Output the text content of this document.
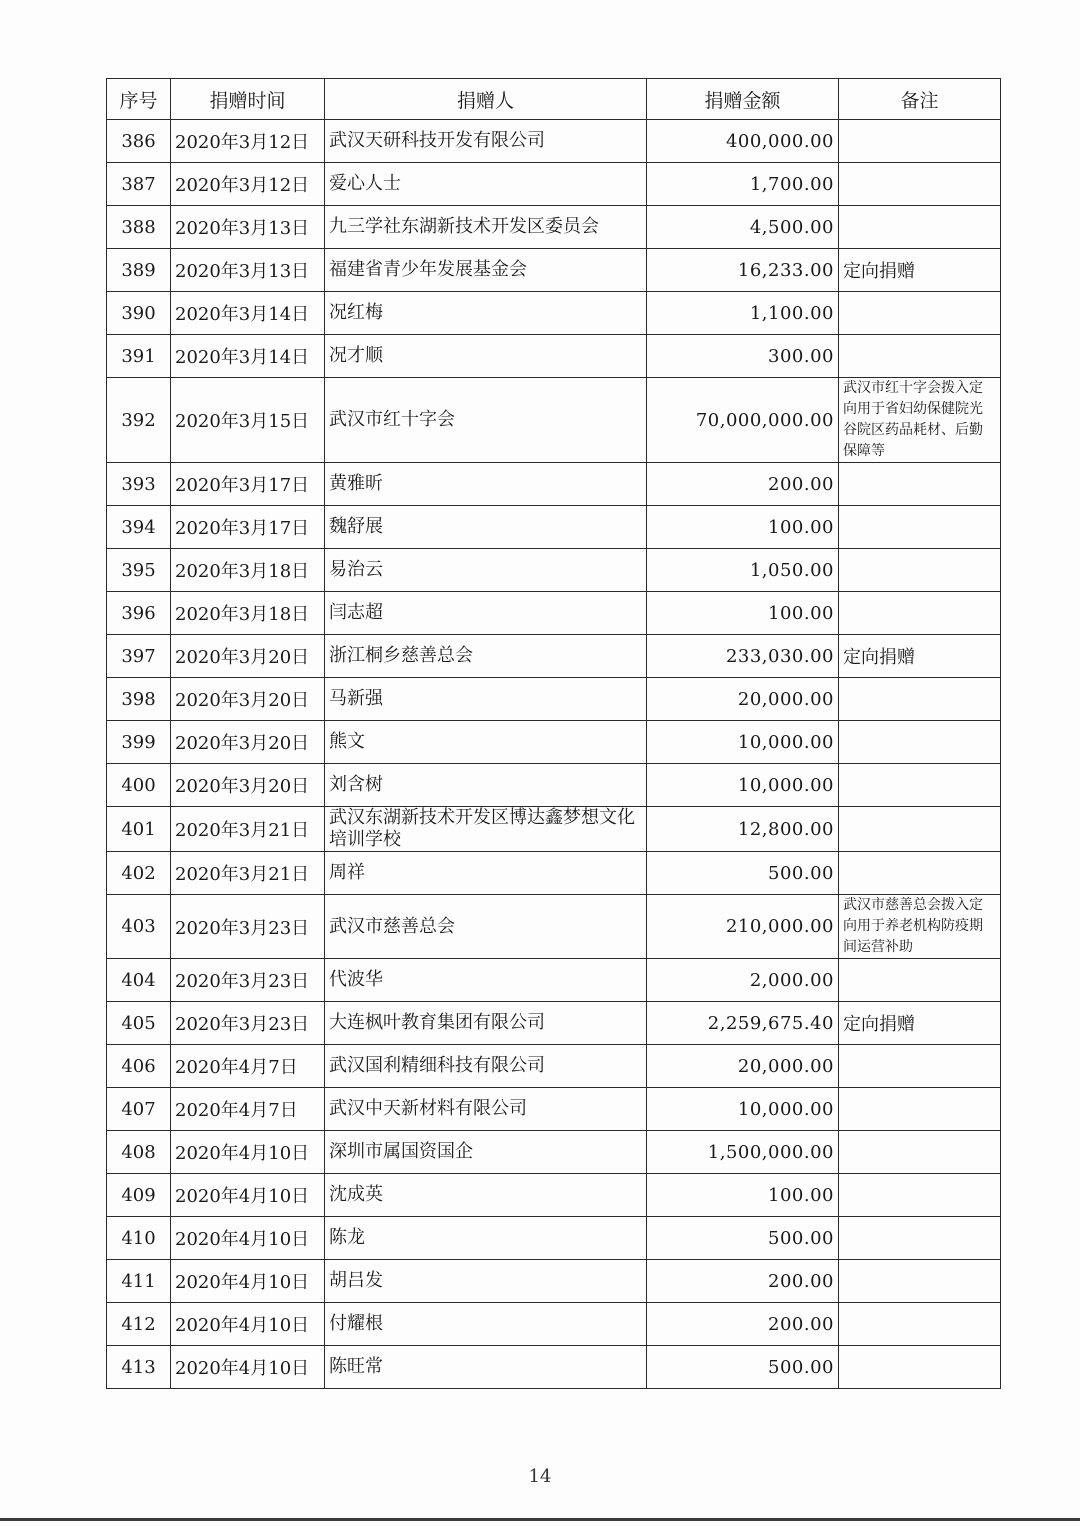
序号	捐赠时间	捐赠人	捐赠金额	备注
386	2020年3月12日	武汉天研科技开发有限公司	400,000.00	
387	2020年3月12日	爱心人士	1,700.00	
388	2020年3月13日	九三学社东湖新技术开发区委员会	4,500.00	
389	2020年3月13日	福建省青少年发展基金会	16,233.00	定向捐赠
390	2020年3月14日	况红梅	1,100.00	
391	2020年3月14日	况才顺	300.00	
392	2020年3月15日	武汉市红十字会	70,000,000.00	武汉市红十字会拨入定向用于省妇幼保健院光谷院区药品耗材、后勤保障等
393	2020年3月17日	黄雅昕	200.00	
394	2020年3月17日	魏舒展	100.00	
395	2020年3月18日	易治云	1,050.00	
396	2020年3月18日	闫志超	100.00	
397	2020年3月20日	浙江桐乡慈善总会	233,030.00	定向捐赠
398	2020年3月20日	马新强	20,000.00	
399	2020年3月20日	熊文	10,000.00	
400	2020年3月20日	刘含树	10,000.00	
401	2020年3月21日	武汉东湖新技术开发区博达鑫梦想文化培训学校	12,800.00	
402	2020年3月21日	周祥	500.00	
403	2020年3月23日	武汉市慈善总会	210,000.00	武汉市慈善总会拨入定向用于养老机构防疫期间运营补助
404	2020年3月23日	代波华	2,000.00	
405	2020年3月23日	大连枫叶教育集团有限公司	2,259,675.40	定向捐赠
406	2020年4月7日	武汉国利精细科技有限公司	20,000.00	
407	2020年4月7日	武汉中天新材料有限公司	10,000.00	
408	2020年4月10日	深圳市属国资国企	1,500,000.00	
409	2020年4月10日	沈成英	100.00	
410	2020年4月10日	陈龙	500.00	
411	2020年4月10日	胡吕发	200.00	
412	2020年4月10日	付耀根	200.00	
413	2020年4月10日	陈旺常	500.00	
14
